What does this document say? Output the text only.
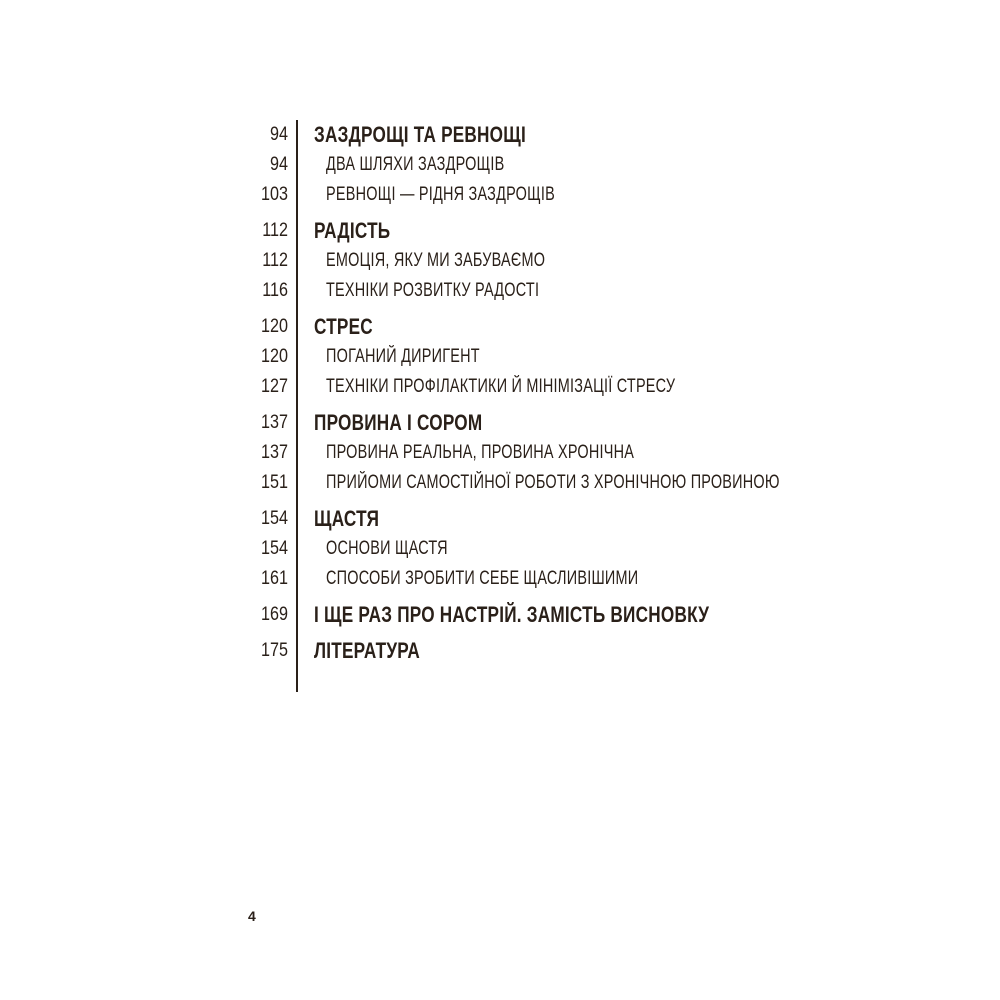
94 ЗАЗДРОЩІ ТА РЕВНОЩІ
94 ДВА ШЛЯХИ ЗАЗДРОЩІВ
103 РЕВНОЩІ — РІДНЯ ЗАЗДРОЩІВ
112 РАДІСТЬ
112 ЕМОЦІЯ, ЯКУ МИ ЗАБУВАЄМО
116 ТЕХНІКИ РОЗВИТКУ РАДОСТІ
120 СТРЕС
120 ПОГАНИЙ ДИРИГЕНТ
127 ТЕХНІКИ ПРОФІЛАКТИКИ Й МІНІМІЗАЦІЇ СТРЕСУ
137 ПРОВИНА І СОРОМ
137 ПРОВИНА РЕАЛЬНА, ПРОВИНА ХРОНІЧНА
151 ПРИЙОМИ САМОСТІЙНОЇ РОБОТИ З ХРОНІЧНОЮ ПРОВИНОЮ
154 ЩАСТЯ
154 ОСНОВИ ЩАСТЯ
161 СПОСОБИ ЗРОБИТИ СЕБЕ ЩАСЛИВІШИМИ
169 І ЩЕ РАЗ ПРО НАСТРІЙ. ЗАМІСТЬ ВИСНОВКУ
175 ЛІТЕРАТУРА
4
